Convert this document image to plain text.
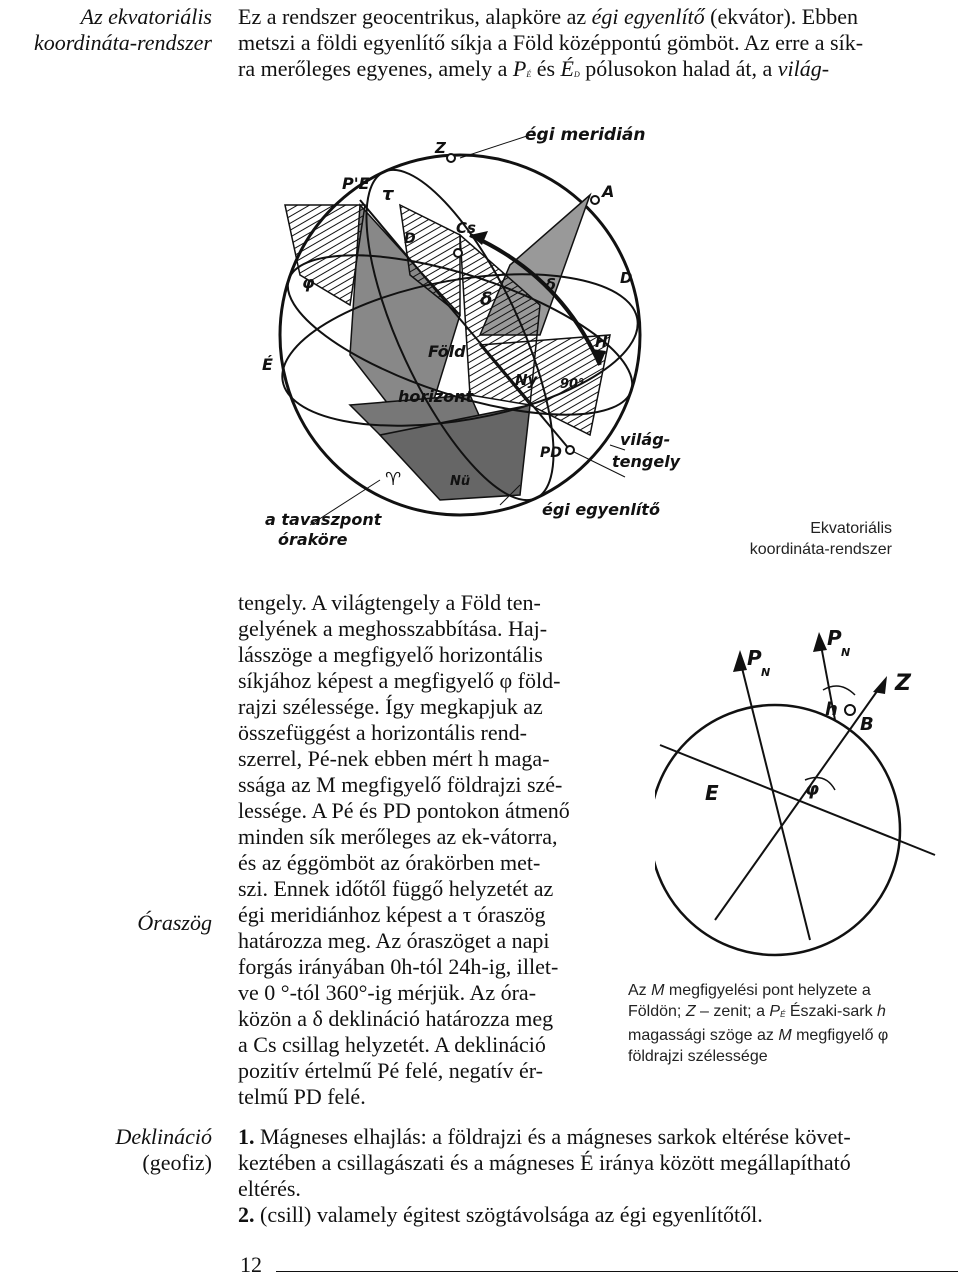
Az ekvatoriális
koordináta-rendszer
Óraszög
Deklináció
(geofiz)
Ez a rendszer geocentrikus, alapköre az égi egyenlítő (ekvátor). Ebben
metszi a földi egyenlítő síkja a Föld középpontú gömböt. Az erre a sík-
ra merőleges egyenes, amely a PÉ és ÉD pólusokon halad át, a világ-
égi meridián
Z
P'E
τ	A
Cs
D
D
φ
δ
δ
Föld
É
horizont
Ny
H
90°
PD
világ-
tengely
♈	Nü
égi egyenlítő
a tavaszpont
óraköre
Ekvatoriális
koordináta-rendszer
tengely. A világtengely a Föld ten-
gelyének a meghosszabbítása. Haj-
lásszöge a megfigyelő horizontális
síkjához képest a megfigyelő φ föld-
rajzi szélessége. Így megkapjuk az
összefüggést a horizontális rend-
szerrel, Pé-nek ebben mért h maga-
ssága az M megfigyelő földrajzi szé-
lessége. A Pé és PD pontokon átmenő
minden sík merőleges az ek-vátorra,
és az éggömböt az órakörben met-
szi. Ennek időtől függő helyzetét az
égi meridiánhoz képest a τ óraszög
határozza meg. Az óraszöget a napi
forgás irányában 0h-tól 24h-ig, illet-
ve 0 °-tól 360°-ig mérjük. Az óra-
közön a δ deklináció határozza meg
a Cs csillag helyzetét. A deklináció
pozitív értelmű Pé felé, negatív ér-
telmű PD felé.
P
N
P
N
Z
h
B
E	φ
Az M megfigyelési pont helyzete a
Földön; Z – zenit; a PÉ Északi-sark h
magassági szöge az M megfigyelő φ
földrajzi szélessége
1. Mágneses elhajlás: a földrajzi és a mágneses sarkok eltérése követ-
keztében a csillagászati és a mágneses É iránya között megállapítható
eltérés.
2. (csill) valamely égitest szögtávolsága az égi egyenlítőtől.
12
